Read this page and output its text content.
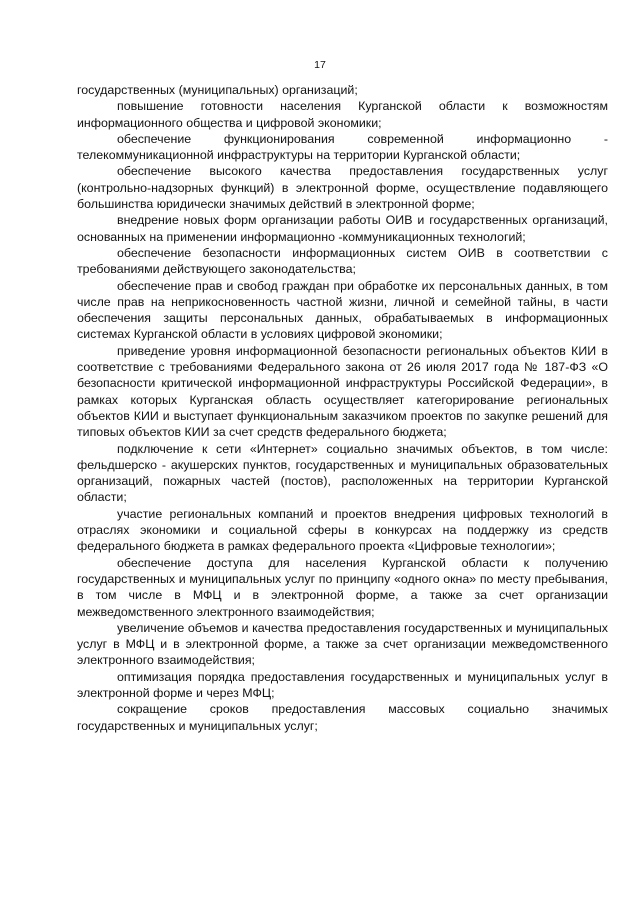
17

государственных (муниципальных) организаций;

повышение готовности населения Курганской области к возможностям информационного общества и цифровой экономики;

обеспечение функционирования современной информационно - телекоммуникационной инфраструктуры на территории Курганской области;

обеспечение высокого качества предоставления государственных услуг (контрольно-надзорных функций) в электронной форме, осуществление подавляющего большинства юридически значимых действий в электронной форме;

внедрение новых форм организации работы ОИВ и государственных организаций, основанных на применении информационно -коммуникационных технологий;

обеспечение безопасности информационных систем ОИВ в соответствии с требованиями действующего законодательства;

обеспечение прав и свобод граждан при обработке их персональных данных, в том числе прав на неприкосновенность частной жизни, личной и семейной тайны, в части обеспечения защиты персональных данных, обрабатываемых в информационных системах Курганской области в условиях цифровой экономики;

приведение уровня информационной безопасности региональных объектов КИИ в соответствие с требованиями Федерального закона от 26 июля 2017 года № 187-ФЗ «О безопасности критической информационной инфраструктуры Российской Федерации», в рамках которых Курганская область осуществляет категорирование региональных объектов КИИ и выступает функциональным заказчиком проектов по закупке решений для типовых объектов КИИ за счет средств федерального бюджета;

подключение к сети «Интернет» социально значимых объектов, в том числе: фельдшерско - акушерских пунктов, государственных и муниципальных образовательных организаций, пожарных частей (постов), расположенных на территории Курганской области;

участие региональных компаний и проектов внедрения цифровых технологий в отраслях экономики и социальной сферы в конкурсах на поддержку из средств федерального бюджета в рамках федерального проекта «Цифровые технологии»;

обеспечение доступа для населения Курганской области к получению государственных и муниципальных услуг по принципу «одного окна» по месту пребывания, в том числе в МФЦ и в электронной форме, а также за счет организации межведомственного электронного взаимодействия;

увеличение объемов и качества предоставления государственных и муниципальных услуг в МФЦ и в электронной форме, а также за счет организации межведомственного электронного взаимодействия;

оптимизация порядка предоставления государственных и муниципальных услуг в электронной форме и через МФЦ;

сокращение сроков предоставления массовых социально значимых государственных и муниципальных услуг;
